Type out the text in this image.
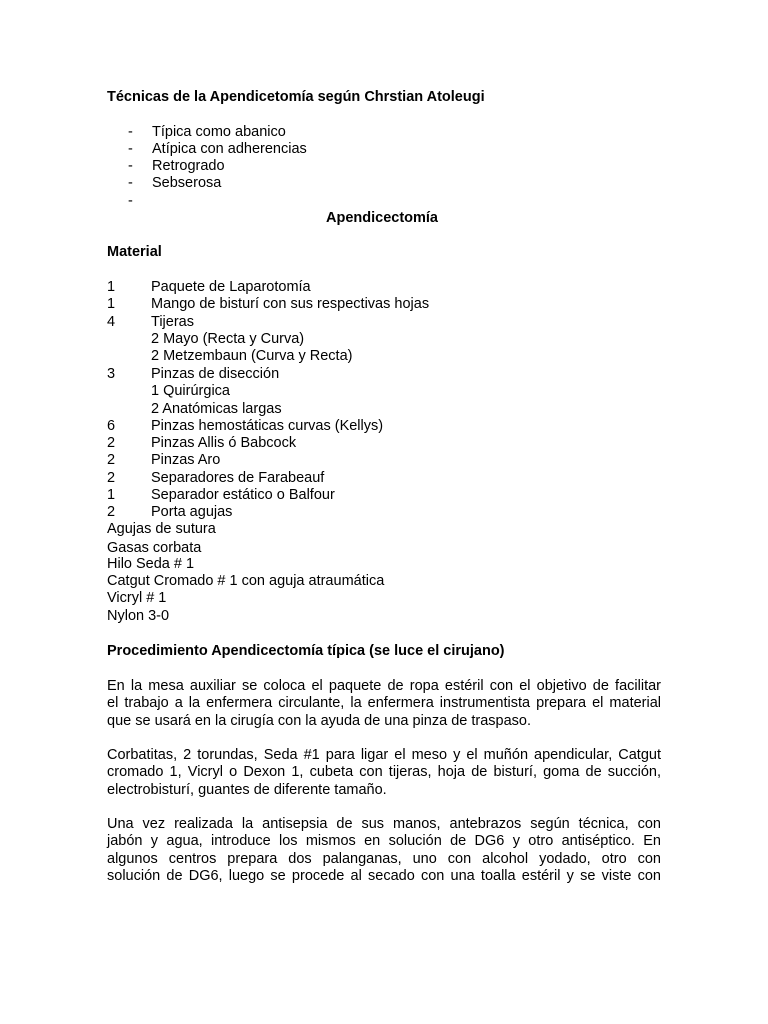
Técnicas de la Apendicetomía según Chrstian Atoleugi
- Típica como abanico
- Atípica con adherencias
- Retrogrado
- Sebserosa
-
Apendicectomía
Material
1 Paquete de Laparotomía
1 Mango de bisturí con sus respectivas hojas
4 Tijeras
2 Mayo (Recta y Curva)
2 Metzembaun (Curva y Recta)
3 Pinzas de disección
1 Quirúrgica
2 Anatómicas largas
6 Pinzas hemostáticas curvas (Kellys)
2 Pinzas Allis ó Babcock
2 Pinzas Aro
2 Separadores de Farabeauf
1 Separador estático o Balfour
2 Porta agujas
Agujas de sutura
Gasas corbata
Hilo Seda # 1
Catgut Cromado # 1 con aguja atraumática
Vicryl # 1
Nylon 3-0
Procedimiento Apendicectomía típica (se luce el cirujano)
En la mesa auxiliar se coloca el paquete de ropa estéril con el objetivo de facilitar
el trabajo a la enfermera circulante, la enfermera instrumentista prepara el material
que se usará en la cirugía con la ayuda de una pinza de traspaso.
Corbatitas, 2 torundas, Seda #1 para ligar el meso y el muñón apendicular, Catgut
cromado 1, Vicryl o Dexon 1, cubeta con tijeras, hoja de bisturí, goma de succión,
electrobisturí, guantes de diferente tamaño.
Una vez realizada la antisepsia de sus manos, antebrazos según técnica, con
jabón y agua, introduce los mismos en solución de DG6 y otro antiséptico. En
algunos centros prepara dos palanganas, uno con alcohol yodado, otro con
solución de DG6, luego se procede al secado con una toalla estéril y se viste con
